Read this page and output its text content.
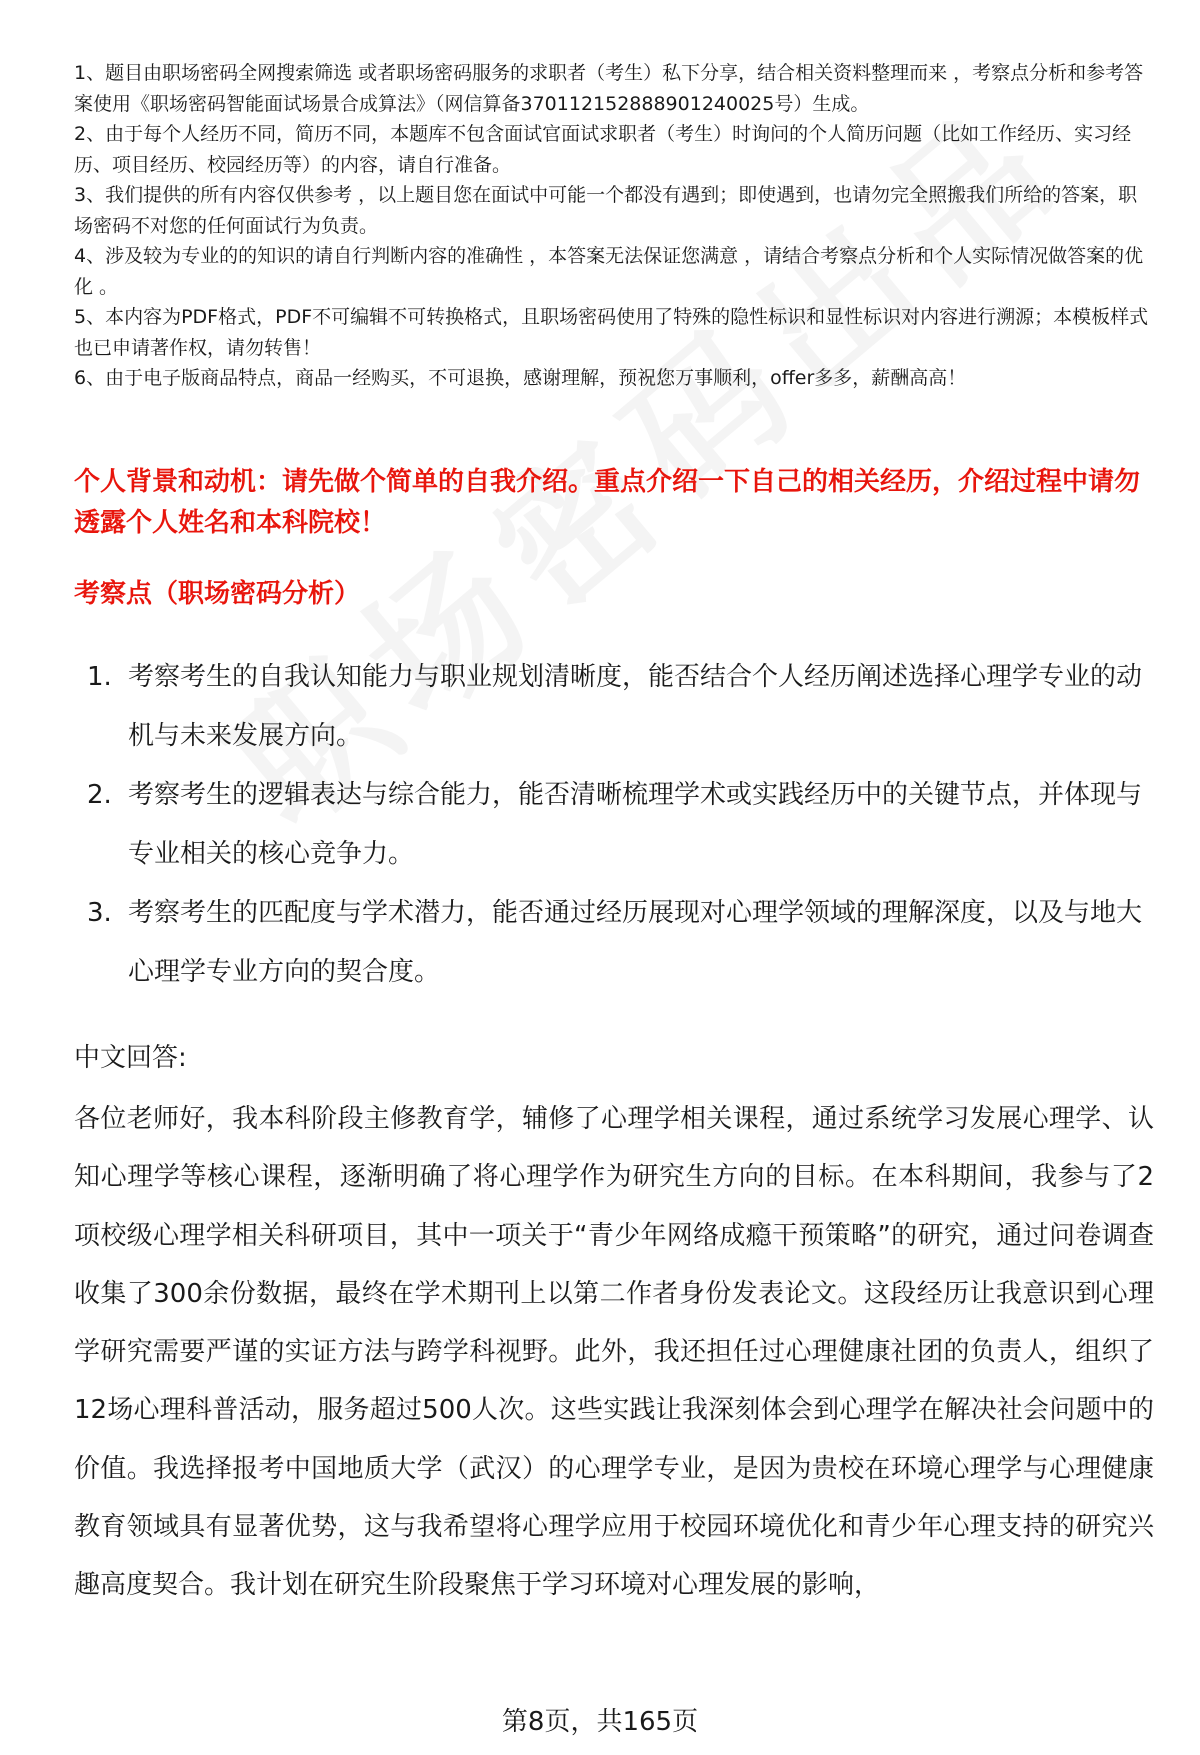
1、题目由职场密码全网搜索筛选 或者职场密码服务的求职者（考生）私下分享，结合相关资料整理而来 ，考察点分析和参考答案使用《职场密码智能面试场景合成算法》（网信算备370112152888901240025号）生成。

2、由于每个人经历不同，简历不同，本题库不包含面试官面试求职者（考生）时询问的个人简历问题（比如工作经历、实习经历、项目经历、校园经历等）的内容，请自行准备。

3、我们提供的所有内容仅供参考 ，以上题目您在面试中可能一个都没有遇到；即使遇到，也请勿完全照搬我们所给的答案，职场密码不对您的任何面试行为负责。

4、涉及较为专业的的知识的请自行判断内容的准确性 ，本答案无法保证您满意 ，请结合考察点分析和个人实际情况做答案的优化 。

5、本内容为PDF格式，PDF不可编辑不可转换格式，且职场密码使用了特殊的隐性标识和显性标识对内容进行溯源；本模板样式也已申请著作权，请勿转售！

6、由于电子版商品特点，商品一经购买，不可退换，感谢理解，预祝您万事顺利，offer多多，薪酬高高！

个人背景和动机：请先做个简单的自我介绍。重点介绍一下自己的相关经历，介绍过程中请勿透露个人姓名和本科院校！

考察点（职场密码分析）

1. 考察考生的自我认知能力与职业规划清晰度，能否结合个人经历阐述选择心理学专业的动机与未来发展方向。
2. 考察考生的逻辑表达与综合能力，能否清晰梳理学术或实践经历中的关键节点，并体现与专业相关的核心竞争力。
3. 考察考生的匹配度与学术潜力，能否通过经历展现对心理学领域的理解深度，以及与地大心理学专业方向的契合度。

中文回答:

各位老师好，我本科阶段主修教育学，辅修了心理学相关课程，通过系统学习发展心理学、认知心理学等核心课程，逐渐明确了将心理学作为研究生方向的目标。在本科期间，我参与了2项校级心理学相关科研项目，其中一项关于“青少年网络成瘾干预策略”的研究，通过问卷调查收集了300余份数据，最终在学术期刊上以第二作者身份发表论文。这段经历让我意识到心理学研究需要严谨的实证方法与跨学科视野。此外，我还担任过心理健康社团的负责人，组织了12场心理科普活动，服务超过500人次。这些实践让我深刻体会到心理学在解决社会问题中的价值。我选择报考中国地质大学（武汉）的心理学专业，是因为贵校在环境心理学与心理健康教育领域具有显著优势，这与我希望将心理学应用于校园环境优化和青少年心理支持的研究兴趣高度契合。我计划在研究生阶段聚焦于学习环境对心理发展的影响，

第8页，共165页
